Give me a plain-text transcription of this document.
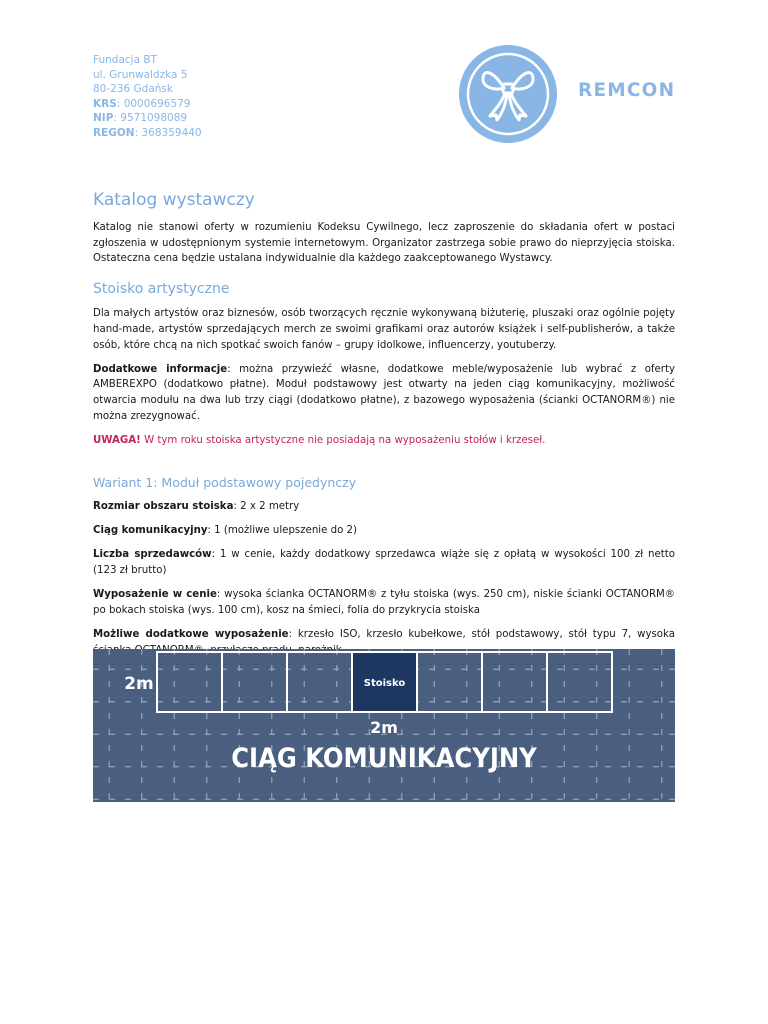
Fundacja BT
ul. Grunwaldzka 5
80-236 Gdańsk
KRS: 0000696579
NIP: 9571098089
REGON: 368359440
REMCON
Katalog wystawczy

Katalog nie stanowi oferty w rozumieniu Kodeksu Cywilnego, lecz zaproszenie do składania ofert w postaci zgłoszenia w udostępnionym systemie internetowym. Organizator zastrzega sobie prawo do nieprzyjęcia stoiska. Ostateczna cena będzie ustalana indywidualnie dla każdego zaakceptowanego Wystawcy.

Stoisko artystyczne

Dla małych artystów oraz biznesów, osób tworzących ręcznie wykonywaną biżuterię, pluszaki oraz ogólnie pojęty hand-made, artystów sprzedających merch ze swoimi grafikami oraz autorów książek i self-publisherów, a także osób, które chcą na nich spotkać swoich fanów – grupy idolkowe, influencerzy, youtuberzy.

Dodatkowe informacje: można przywieźć własne, dodatkowe meble/wyposażenie lub wybrać z oferty AMBEREXPO (dodatkowo płatne). Moduł podstawowy jest otwarty na jeden ciąg komunikacyjny, możliwość otwarcia modułu na dwa lub trzy ciągi (dodatkowo płatne), z bazowego wyposażenia (ścianki OCTANORM®) nie można zrezygnować.

UWAGA! W tym roku stoiska artystyczne nie posiadają na wyposażeniu stołów i krzeseł.

Wariant 1: Moduł podstawowy pojedynczy

Rozmiar obszaru stoiska: 2 x 2 metry

Ciąg komunikacyjny: 1 (możliwe ulepszenie do 2)

Liczba sprzedawców: 1 w cenie, każdy dodatkowy sprzedawca wiąże się z opłatą w wysokości 100 zł netto (123 zł brutto)

Wyposażenie w cenie: wysoka ścianka OCTANORM® z tyłu stoiska (wys. 250 cm), niskie ścianki OCTANORM® po bokach stoiska (wys. 100 cm), kosz na śmieci, folia do przykrycia stoiska

Możliwe dodatkowe wyposażenie: krzesło ISO, krzesło kubełkowe, stół podstawowy, stół typu 7, wysoka

Stoisko
2m
2m
CIĄG KOMUNIKACYJNY
